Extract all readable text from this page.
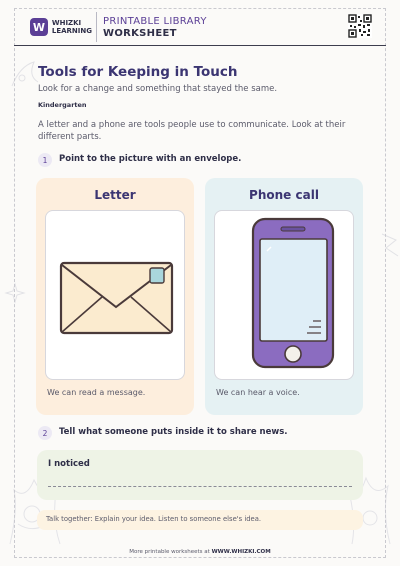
W WHIZKI
LEARNING
PRINTABLE LIBRARY
WORKSHEET
Tools for Keeping in Touch
Look for a change and something that stayed the same.
Kindergarten
A letter and a phone are tools people use to communicate. Look at their different parts.
1	Point to the picture with an envelope.
Letter
We can read a message.
Phone call
We can hear a voice.
2	Tell what someone puts inside it to share news.
I noticed
Talk together: Explain your idea. Listen to someone else's idea.
More printable worksheets at WWW.WHIZKI.COM
